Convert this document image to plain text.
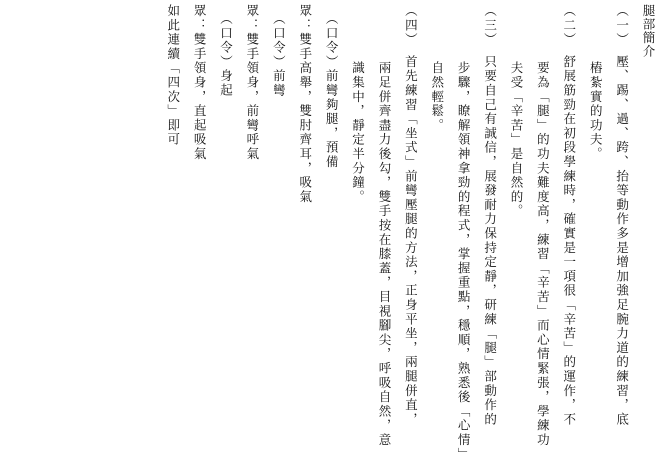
腿部簡介

（一）　壓、踢、過、跨、抬等動作多是增加強足腕力道的練習，底

　　　　樁紮實的功夫。

（二）　舒展筋勁在初段學練時，確實是一項很「辛苦」的運作，不

　　　　要為「腿」的功夫難度高，練習「辛苦」而心情緊張，學練功

　　　　夫受「辛苦」是自然的。

（三）　只要自己有誠信，展發耐力保持定靜，研練「腿」部動作的

　　　　步驟，瞭解領神拿勁的程式，掌握重點，穩順，熟悉後「心情」

　　　　自然輕鬆。

（四）　首先練習「坐式」前彎壓腿的方法，正身平坐，兩腿併直，

　　　　兩足併齊盡力後勾，雙手按在膝蓋，目視腳尖，呼吸自然，意

　　　　識集中，靜定半分鐘。

　（口令）前彎夠腿，預備

眾：雙手高舉，雙肘齊耳，吸氣

　（口令）前彎

眾：雙手領身，前彎呼氣

　（口令）身起

眾：雙手領身，直起吸氣

如此連續「四次」即可
